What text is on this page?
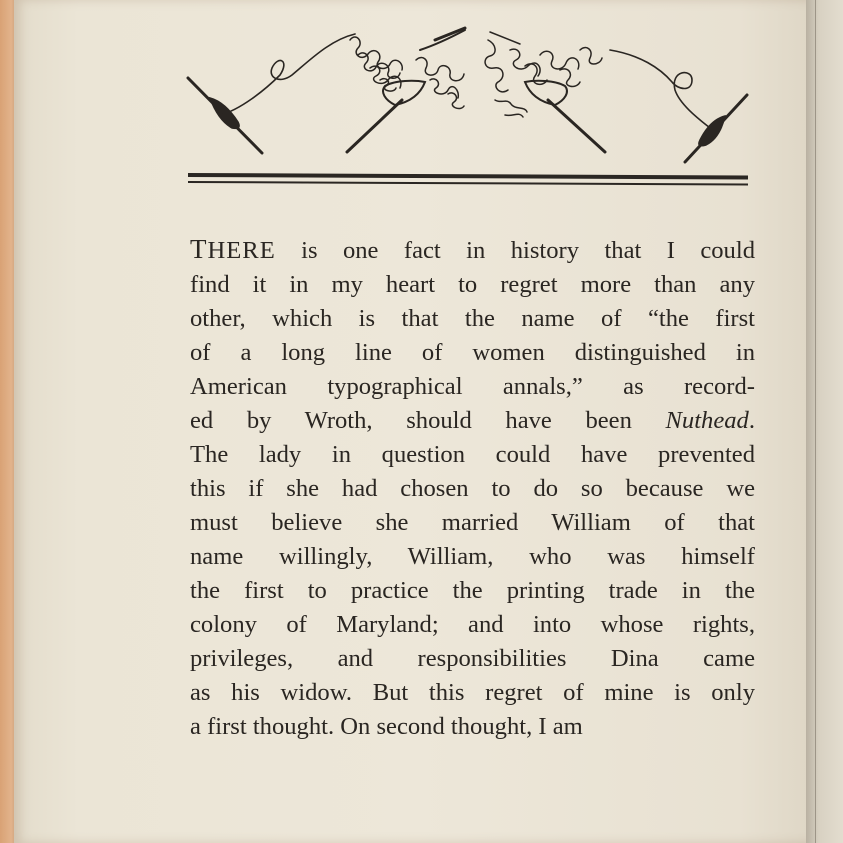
THERE is one fact in history that I could
find it in my heart to regret more than any
other, which is that the name of “the first
of a long line of women distinguished in
American typographical annals,” as record-
ed by Wroth, should have been Nuthead.
The lady in question could have prevented
this if she had chosen to do so because we
must believe she married William of that
name willingly, William, who was himself
the first to practice the printing trade in the
colony of Maryland; and into whose rights,
privileges, and responsibilities Dina came
as his widow. But this regret of mine is only
a first thought. On second thought, I am
